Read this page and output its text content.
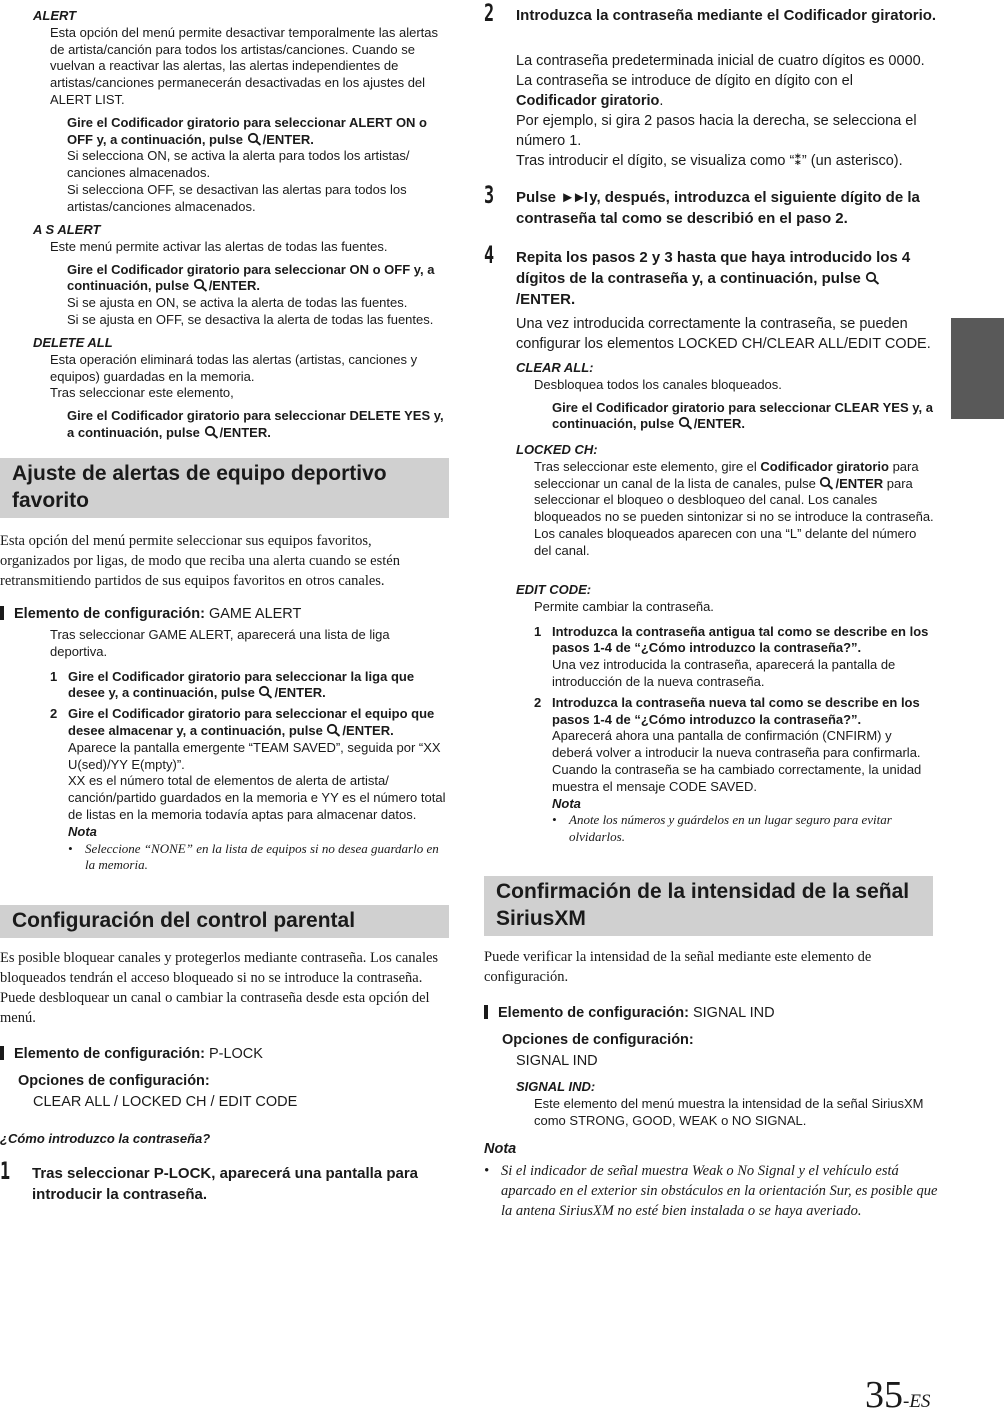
ALERT
Esta opción del menú permite desactivar temporalmente las alertas de artista/canción para todos los artistas/canciones. Cuando se vuelvan a reactivar las alertas, las alertas independientes de artistas/canciones permanecerán desactivadas en los ajustes del ALERT LIST.
Gire el Codificador giratorio para seleccionar ALERT ON o OFF y, a continuación, pulse /ENTER.
Si selecciona ON, se activa la alerta para todos los artistas/ canciones almacenados.
Si selecciona OFF, se desactivan las alertas para todos los artistas/canciones almacenados.
A S ALERT
Este menú permite activar las alertas de todas las fuentes.
Gire el Codificador giratorio para seleccionar ON o OFF y, a continuación, pulse /ENTER.
Si se ajusta en ON, se activa la alerta de todas las fuentes.
Si se ajusta en OFF, se desactiva la alerta de todas las fuentes.
DELETE ALL
Esta operación eliminará todas las alertas (artistas, canciones y equipos) guardadas en la memoria.
Tras seleccionar este elemento,
Gire el Codificador giratorio para seleccionar DELETE YES y, a continuación, pulse /ENTER.
Ajuste de alertas de equipo deportivo favorito
Esta opción del menú permite seleccionar sus equipos favoritos, organizados por ligas, de modo que reciba una alerta cuando se estén retransmitiendo partidos de sus equipos favoritos en otros canales.
Elemento de configuración: GAME ALERT
Tras seleccionar GAME ALERT, aparecerá una lista de liga deportiva.
1 Gire el Codificador giratorio para seleccionar la liga que desee y, a continuación, pulse /ENTER.
2 Gire el Codificador giratorio para seleccionar el equipo que desee almacenar y, a continuación, pulse /ENTER.
Aparece la pantalla emergente “TEAM SAVED”, seguida por “XX U(sed)/YY E(mpty)”.
XX es el número total de elementos de alerta de artista/ canción/partido guardados en la memoria e YY es el número total de listas en la memoria todavía aptas para almacenar datos.
Nota
• Seleccione “NONE” en la lista de equipos si no desea guardarlo en la memoria.
Configuración del control parental
Es posible bloquear canales y protegerlos mediante contraseña. Los canales bloqueados tendrán el acceso bloqueado si no se introduce la contraseña. Puede desbloquear un canal o cambiar la contraseña desde esta opción del menú.
Elemento de configuración: P-LOCK
Opciones de configuración:
CLEAR ALL / LOCKED CH / EDIT CODE
¿Cómo introduzco la contraseña?
1 Tras seleccionar P-LOCK, aparecerá una pantalla para introducir la contraseña.
2 Introduzca la contraseña mediante el Codificador giratorio.
La contraseña predeterminada inicial de cuatro dígitos es 0000.
La contraseña se introduce de dígito en dígito con el Codificador giratorio.
Por ejemplo, si gira 2 pasos hacia la derecha, se selecciona el número 1.
Tras introducir el dígito, se visualiza como “⁑” (un asterisco).
3 Pulse ►►I y, después, introduzca el siguiente dígito de la contraseña tal como se describió en el paso 2.
4 Repita los pasos 2 y 3 hasta que haya introducido los 4 dígitos de la contraseña y, a continuación, pulse /ENTER.
Una vez introducida correctamente la contraseña, se pueden configurar los elementos LOCKED CH/CLEAR ALL/EDIT CODE.
CLEAR ALL:
Desbloquea todos los canales bloqueados.
Gire el Codificador giratorio para seleccionar CLEAR YES y, a continuación, pulse /ENTER.
LOCKED CH:
Tras seleccionar este elemento, gire el Codificador giratorio para seleccionar un canal de la lista de canales, pulse /ENTER para seleccionar el bloqueo o desbloqueo del canal. Los canales bloqueados no se pueden sintonizar si no se introduce la contraseña.
Los canales bloqueados aparecen con una “L” delante del número del canal.
EDIT CODE:
Permite cambiar la contraseña.
1 Introduzca la contraseña antigua tal como se describe en los pasos 1-4 de “¿Cómo introduzco la contraseña?”.
Una vez introducida la contraseña, aparecerá la pantalla de introducción de la nueva contraseña.
2 Introduzca la contraseña nueva tal como se describe en los pasos 1-4 de “¿Cómo introduzco la contraseña?”.
Aparecerá ahora una pantalla de confirmación (CNFIRM) y deberá volver a introducir la nueva contraseña para confirmarla.
Cuando la contraseña se ha cambiado correctamente, la unidad muestra el mensaje CODE SAVED.
Nota
• Anote los números y guárdelos en un lugar seguro para evitar olvidarlos.
Confirmación de la intensidad de la señal SiriusXM
Puede verificar la intensidad de la señal mediante este elemento de configuración.
Elemento de configuración: SIGNAL IND
Opciones de configuración:
SIGNAL IND
SIGNAL IND:
Este elemento del menú muestra la intensidad de la señal SiriusXM como STRONG, GOOD, WEAK o NO SIGNAL.
Nota
• Si el indicador de señal muestra Weak o No Signal y el vehículo está aparcado en el exterior sin obstáculos en la orientación Sur, es posible que la antena SiriusXM no esté bien instalada o se haya averiado.
35-ES
